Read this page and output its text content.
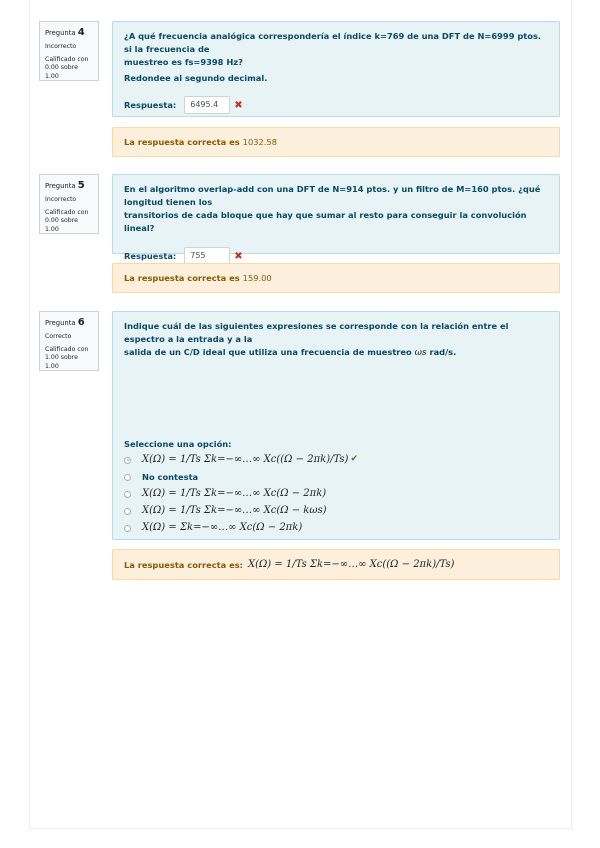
Pregunta 4
Incorrecto
Calificado con 0.00 sobre 1.00

¿A qué frecuencia analógica correspondería el índice k=769 de una DFT de N=6999 ptos. si la frecuencia de

muestreo es fs=9398 Hz?

Redondee al segundo decimal.

Respuesta:	6495.4	✖
La respuesta correcta es 1032.58
Pregunta 5
Incorrecto
Calificado con 0.00 sobre 1.00

En el algoritmo overlap-add con una DFT de N=914 ptos. y un filtro de M=160 ptos. ¿qué longitud tienen los

transitorios de cada bloque que hay que sumar al resto para conseguir la convolución lineal?

Respuesta:	755	✖
La respuesta correcta es 159.00
Pregunta 6
Correcto
Calificado con 1.00 sobre 1.00

Indique cuál de las siguientes expresiones se corresponde con la relación entre el espectro a la entrada y a la

salida de un C/D ideal que utiliza una frecuencia de muestreo ωs rad/s.

Seleccione una opción:

X(Ω) = 1/Ts Σk=−∞…∞ Xc((Ω − 2πk)/Ts) ✔
No contesta
X(Ω) = 1/Ts Σk=−∞…∞ Xc(Ω − 2πk)
X(Ω) = 1/Ts Σk=−∞…∞ Xc(Ω − kωs)
X(Ω) = Σk=−∞…∞ Xc(Ω − 2πk)
La respuesta correcta es: X(Ω) = 1/Ts Σk=−∞…∞ Xc((Ω − 2πk)/Ts)
